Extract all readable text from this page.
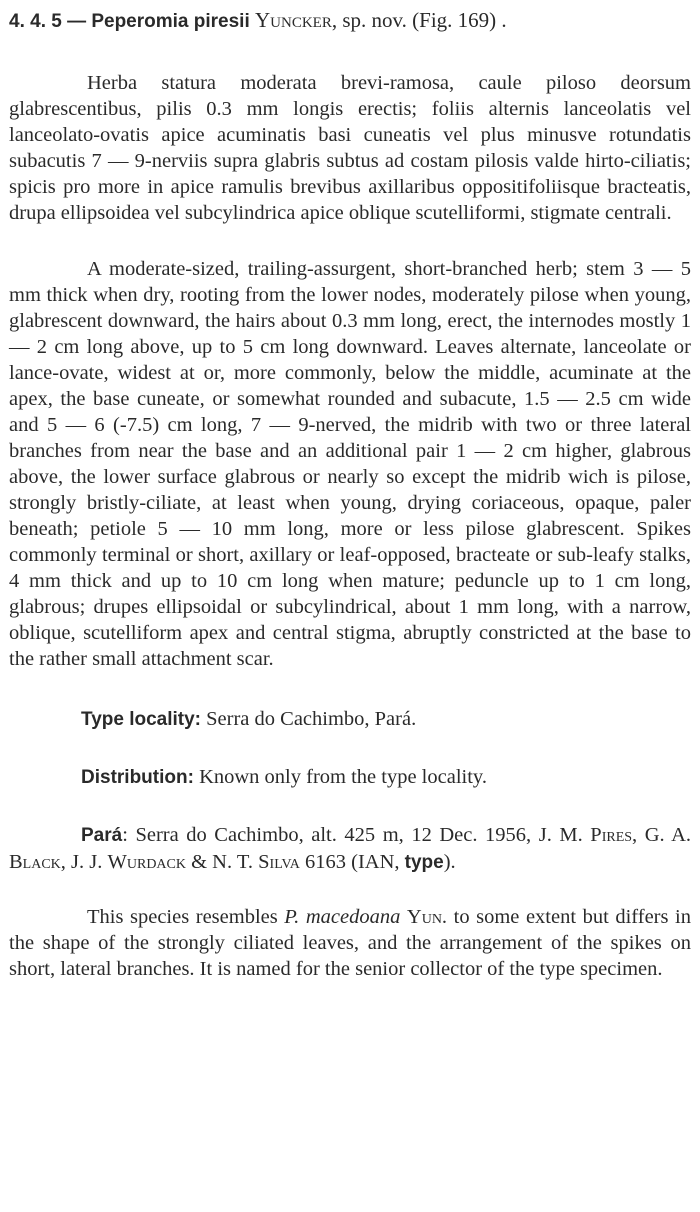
4. 4. 5 — Peperomia piresii Yuncker, sp. nov. (Fig. 169) .

Herba statura moderata brevi-ramosa, caule piloso deorsum glabrescentibus, pilis 0.3 mm longis erectis; foliis alternis lanceolatis vel lanceolato-ovatis apice acuminatis basi cuneatis vel plus minusve rotundatis subacutis 7 — 9-nerviis supra glabris subtus ad costam pilosis valde hirto-ciliatis; spicis pro more in apice ramulis brevibus axillaribus oppositifoliisque bracteatis, drupa ellipsoidea vel subcylindrica apice oblique scutelliformi, stigmate centrali.

A moderate-sized, trailing-assurgent, short-branched herb; stem 3 — 5 mm thick when dry, rooting from the lower nodes, moderately pilose when young, glabrescent downward, the hairs about 0.3 mm long, erect, the internodes mostly 1 — 2 cm long above, up to 5 cm long downward. Leaves alternate, lanceolate or lance-ovate, widest at or, more commonly, below the middle, acuminate at the apex, the base cuneate, or somewhat rounded and subacute, 1.5 — 2.5 cm wide and 5 — 6 (-7.5) cm long, 7 — 9-nerved, the midrib with two or three lateral branches from near the base and an additional pair 1 — 2 cm higher, glabrous above, the lower surface glabrous or nearly so except the midrib wich is pilose, strongly bristly-ciliate, at least when young, drying coriaceous, opaque, paler beneath; petiole 5 — 10 mm long, more or less pilose glabrescent. Spikes commonly terminal or short, axillary or leaf-opposed, bracteate or sub-leafy stalks, 4 mm thick and up to 10 cm long when mature; peduncle up to 1 cm long, glabrous; drupes ellipsoidal or subcylindrical, about 1 mm long, with a narrow, oblique, scutelliform apex and central stigma, abruptly constricted at the base to the rather small attachment scar.

Type locality: Serra do Cachimbo, Pará.

Distribution: Known only from the type locality.

Pará: Serra do Cachimbo, alt. 425 m, 12 Dec. 1956, J. M. Pires, G. A. Black, J. J. Wurdack & N. T. Silva 6163 (IAN, type).

This species resembles P. macedoana Yun. to some extent but differs in the shape of the strongly ciliated leaves, and the arrangement of the spikes on short, lateral branches. It is named for the senior collector of the type specimen.
